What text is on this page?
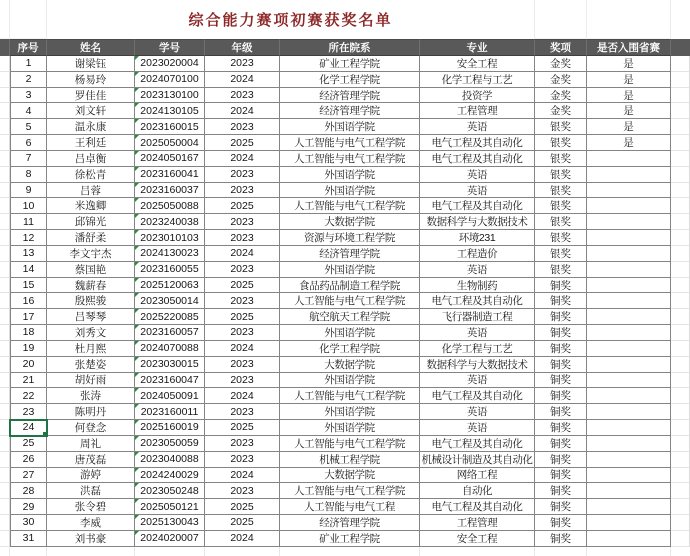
综合能力赛项初赛获奖名单
序号	姓名	学号	年级	所在院系	专业	奖项	是否入围省赛
1	谢梁钰	2023020004	2023	矿业工程学院	安全工程	金奖	是
2	杨易玲	2024070100	2024	化学工程学院	化学工程与工艺	金奖	是
3	罗佳佳	2023130100	2023	经济管理学院	投资学	金奖	是
4	刘文轩	2024130105	2024	经济管理学院	工程管理	金奖	是
5	温永康	2023160015	2023	外国语学院	英语	银奖	是
6	王利廷	2025050004	2025	人工智能与电气工程学院	电气工程及其自动化	银奖	是
7	吕卓衡	2024050167	2024	人工智能与电气工程学院	电气工程及其自动化	银奖
8	徐松青	2023160041	2023	外国语学院	英语	银奖
9	吕蓉	2023160037	2023	外国语学院	英语	银奖
10	米逸卿	2025050088	2025	人工智能与电气工程学院	电气工程及其自动化	银奖
11	邱锦光	2023240038	2023	大数据学院	数据科学与大数据技术	银奖
12	潘舒柔	2023010103	2023	资源与环境工程学院	环境231	银奖
13	李文宇杰	2024130023	2024	经济管理学院	工程造价	银奖
14	蔡国艳	2023160055	2023	外国语学院	英语	银奖
15	魏薪春	2025120063	2025	食品药品制造工程学院	生物制药	铜奖
16	殷熙骏	2023050014	2023	人工智能与电气工程学院	电气工程及其自动化	铜奖
17	吕琴琴	2025220085	2025	航空航天工程学院	飞行器制造工程	铜奖
18	刘秀文	2023160057	2023	外国语学院	英语	铜奖
19	杜月熙	2024070088	2024	化学工程学院	化学工程与工艺	铜奖
20	张楚姿	2023030015	2023	大数据学院	数据科学与大数据技术	铜奖
21	胡好雨	2023160047	2023	外国语学院	英语	铜奖
22	张涛	2024050091	2024	人工智能与电气工程学院	电气工程及其自动化	铜奖
23	陈明丹	2023160011	2023	外国语学院	英语	铜奖
24	何登念	2025160019	2025	外国语学院	英语	铜奖
25	周礼	2023050059	2023	人工智能与电气工程学院	电气工程及其自动化	铜奖
26	唐茂磊	2023040088	2023	机械工程学院	机械设计制造及其自动化	铜奖
27	游婷	2024240029	2024	大数据学院	网络工程	铜奖
28	洪磊	2023050248	2023	人工智能与电气工程学院	自动化	铜奖
29	张令碧	2025050121	2025	人工智能与电气工程	电气工程及其自动化	铜奖
30	李威	2025130043	2025	经济管理学院	工程管理	铜奖
31	刘书豪	2024020007	2024	矿业工程学院	安全工程	铜奖
